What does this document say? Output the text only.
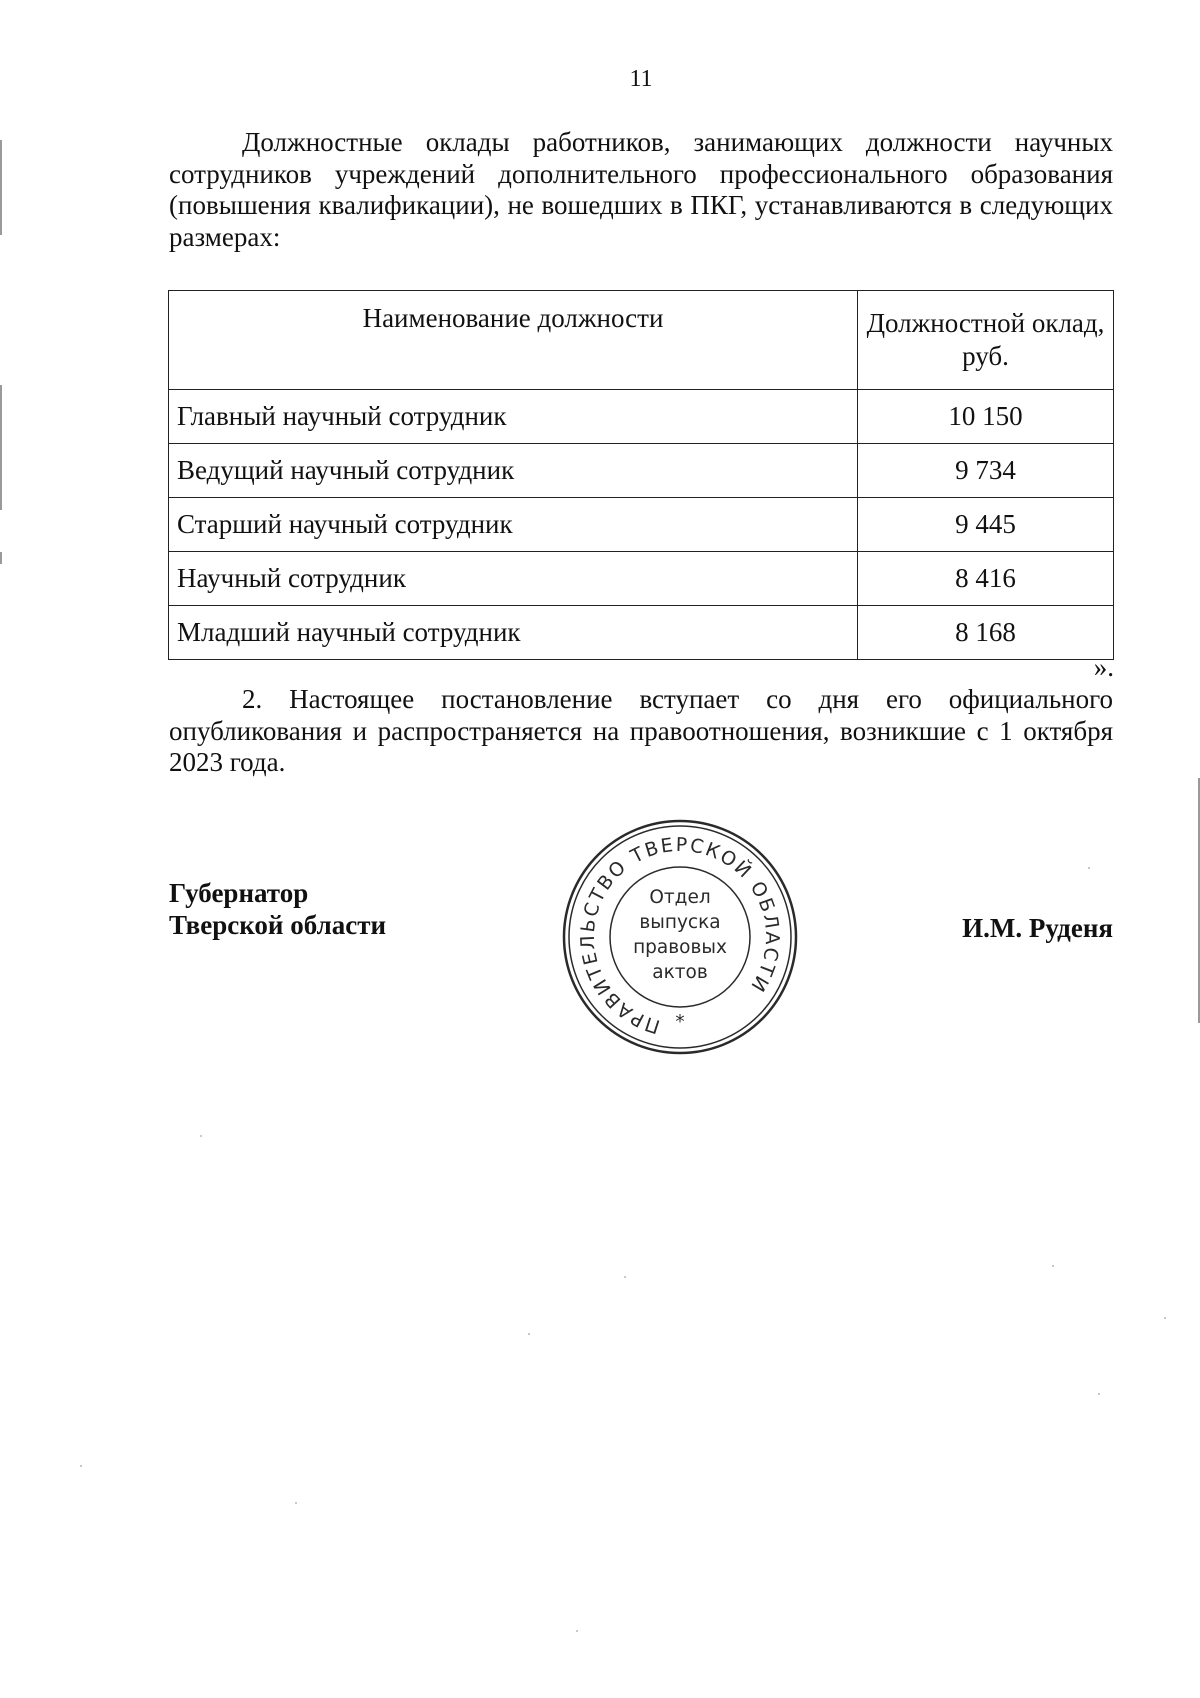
11

Должностные оклады работников, занимающих должности научных сотрудников учреждений дополнительного профессионального образования (повышения квалификации), не вошедших в ПКГ, устанавливаются в следующих размерах:

Наименование должности	Должностной оклад,
руб.
Главный научный сотрудник	10 150
Ведущий научный сотрудник	9 734
Старший научный сотрудник	9 445
Научный сотрудник	8 416
Младший научный сотрудник	8 168
».

2. Настоящее постановление вступает со дня его официального опубликования и распространяется на правоотношения, возникшие с 1 октября 2023 года.

Губернатор
Тверской области	И.М. Руденя
ПРАВИТЕЛЬСТВО ТВЕРСКОЙ ОБЛАСТИ
*
Отдел
выпуска
правовых
актов
